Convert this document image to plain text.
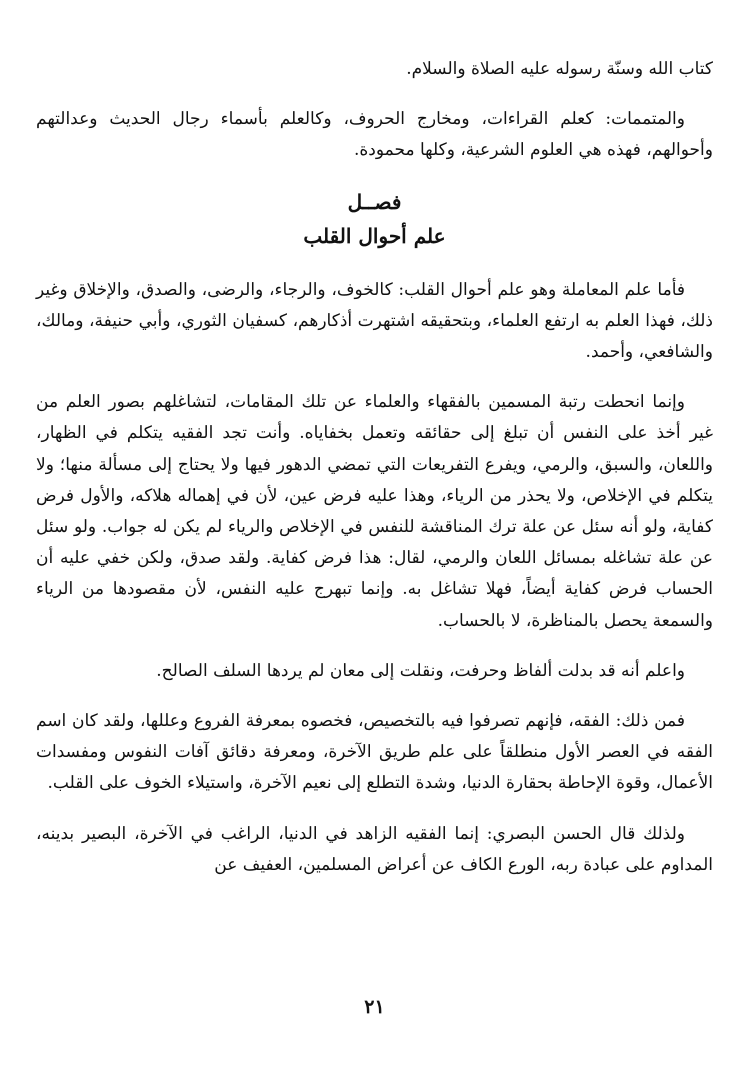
كتاب الله وسنّة رسوله عليه الصلاة والسلام.

والمتممات: كعلم القراءات، ومخارج الحروف، وكالعلم بأسماء رجال الحديث وعدالتهم وأحوالهم، فهذه هي العلوم الشرعية، وكلها محمودة.

فصــل

علم أحوال القلب

فأما علم المعاملة وهو علم أحوال القلب: كالخوف، والرجاء، والرضى، والصدق، والإخلاق وغير ذلك، فهذا العلم به ارتفع العلماء، وبتحقيقه اشتهرت أذكارهم، كسفيان الثوري، وأبي حنيفة، ومالك، والشافعي، وأحمد.

وإنما انحطت رتبة المسمين بالفقهاء والعلماء عن تلك المقامات، لتشاغلهم بصور العلم من غير أخذ على النفس أن تبلغ إلى حقائقه وتعمل بخفاياه. وأنت تجد الفقيه يتكلم في الظهار، واللعان، والسبق، والرمي، ويفرع التفريعات التي تمضي الدهور فيها ولا يحتاج إلى مسألة منها؛ ولا يتكلم في الإخلاص، ولا يحذر من الرياء، وهذا عليه فرض عين، لأن في إهماله هلاكه، والأول فرض كفاية، ولو أنه سئل عن علة ترك المناقشة للنفس في الإخلاص والرياء لم يكن له جواب. ولو سئل عن علة تشاغله بمسائل اللعان والرمي، لقال: هذا فرض كفاية. ولقد صدق، ولكن خفي عليه أن الحساب فرض كفاية أيضاً، فهلا تشاغل به. وإنما تبهرج عليه النفس، لأن مقصودها من الرياء والسمعة يحصل بالمناظرة، لا بالحساب.

واعلم أنه قد بدلت ألفاظ وحرفت، ونقلت إلى معان لم يردها السلف الصالح.

فمن ذلك: الفقه، فإنهم تصرفوا فيه بالتخصيص، فخصوه بمعرفة الفروع وعللها، ولقد كان اسم الفقه في العصر الأول منطلقاً على علم طريق الآخرة، ومعرفة دقائق آفات النفوس ومفسدات الأعمال، وقوة الإحاطة بحقارة الدنيا، وشدة التطلع إلى نعيم الآخرة، واستيلاء الخوف على القلب.

ولذلك قال الحسن البصري: إنما الفقيه الزاهد في الدنيا، الراغب في الآخرة، البصير بدينه، المداوم على عبادة ربه، الورع الكاف عن أعراض المسلمين، العفيف عن

٢١
